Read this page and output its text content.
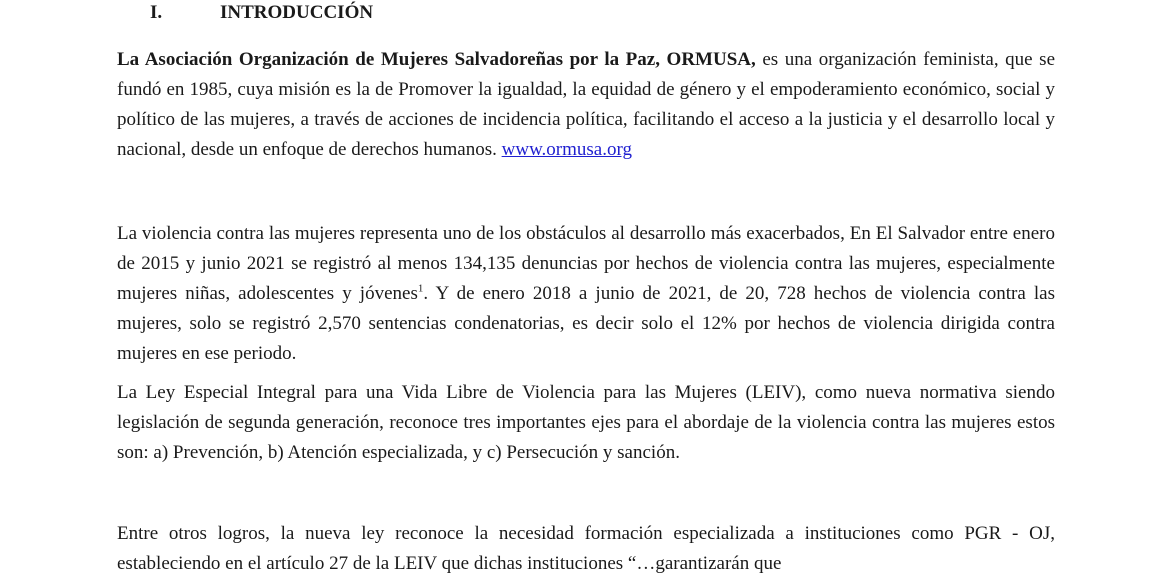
I.	INTRODUCCIÓN

La Asociación Organización de Mujeres Salvadoreñas por la Paz, ORMUSA, es una organización feminista, que se fundó en 1985, cuya misión es la de Promover la igualdad, la equidad de género y el empoderamiento económico, social y político de las mujeres, a través de acciones de incidencia política, facilitando el acceso a la justicia y el desarrollo local y nacional, desde un enfoque de derechos humanos. www.ormusa.org

La violencia contra las mujeres representa uno de los obstáculos al desarrollo más exacerbados, En El Salvador entre enero de 2015 y junio 2021 se registró al menos 134,135 denuncias por hechos de violencia contra las mujeres, especialmente mujeres niñas, adolescentes y jóvenes$^1$. Y de enero 2018 a junio de 2021, de 20, 728 hechos de violencia contra las mujeres, solo se registró 2,570 sentencias condenatorias, es decir solo el 12% por hechos de violencia dirigida contra mujeres en ese periodo.

La Ley Especial Integral para una Vida Libre de Violencia para las Mujeres (LEIV), como nueva normativa siendo legislación de segunda generación, reconoce tres importantes ejes para el abordaje de la violencia contra las mujeres estos son: a) Prevención, b) Atención especializada, y c) Persecución y sanción.

Entre otros logros, la nueva ley reconoce la necesidad formación especializada a instituciones como PGR - OJ, estableciendo en el artículo 27 de la LEIV que dichas instituciones “…garantizarán que
